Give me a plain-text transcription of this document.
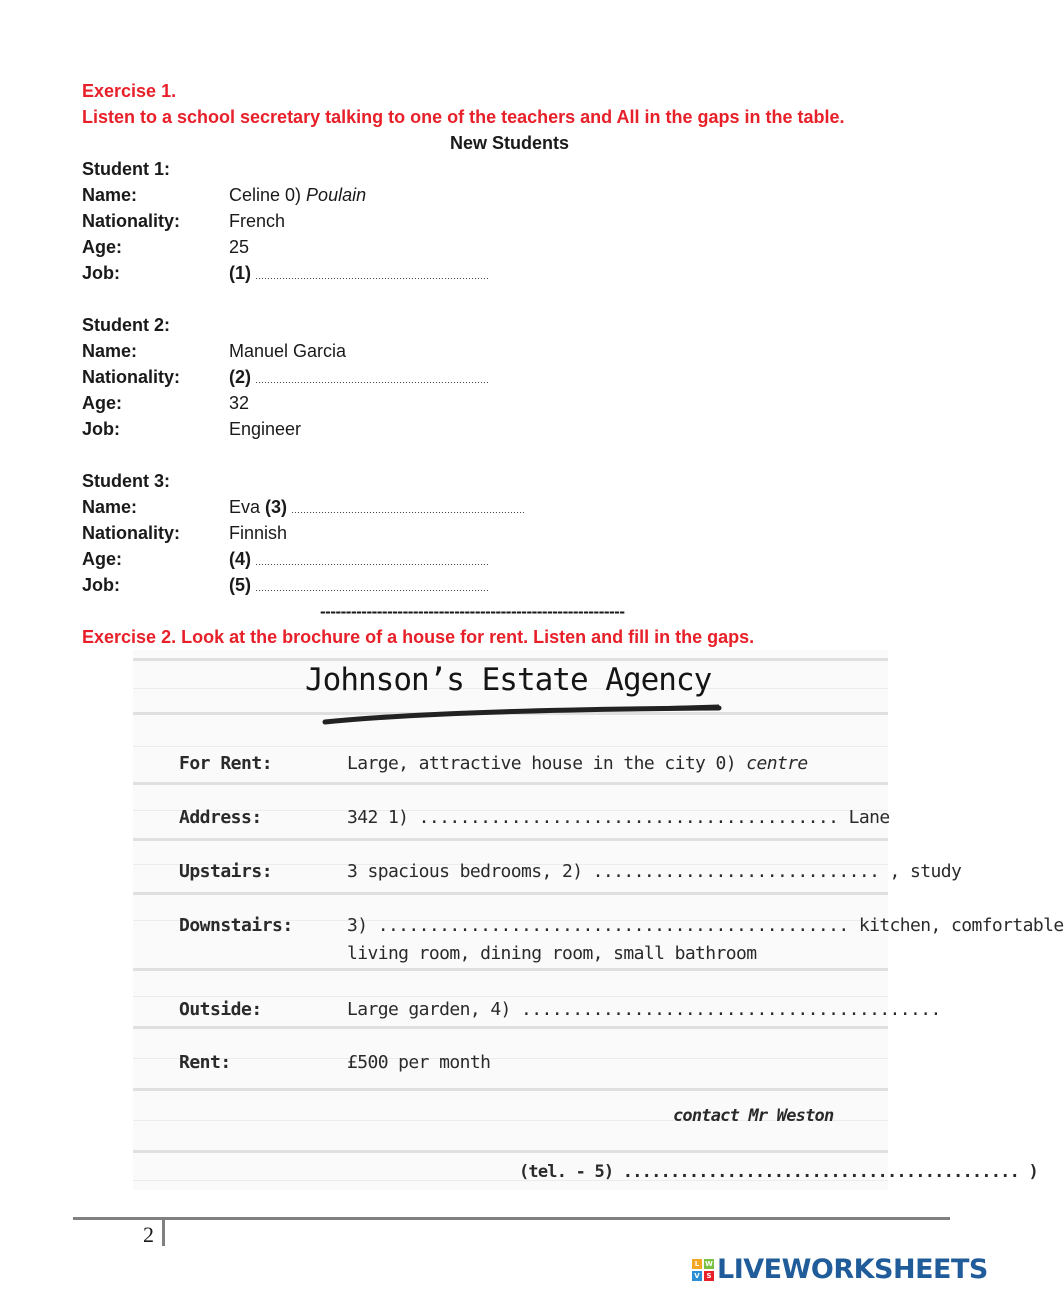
Exercise 1.
Listen to a school secretary talking to one of the teachers and All in the gaps in the table.
New Students
Student 1:
Name:	Celine 0) Poulain
Nationality:	French
Age:	25
Job:	(1) ……………………………………………………………………
Student 2:
Name:	Manuel Garcia
Nationality:	(2) ……………………………………………………………………
Age:	32
Job:	Engineer
Student 3:
Name:	Eva (3) ……………………………………………………………………
Nationality:	Finnish
Age:	(4) ……………………………………………………………………
Job:	(5) ……………………………………………………………………
-----------------------------------------------------------
Exercise 2. Look at the brochure of a house for rent. Listen and fill in the gaps.
Johnson’s Estate Agency
For Rent:	Large, attractive house in the city 0) centre
Address:	342 1) ......................................... Lane
Upstairs:	3 spacious bedrooms, 2) ............................ , study
Downstairs:	3) .............................................. kitchen, comfortable
living room, dining room, small bathroom
Outside:	Large garden, 4) .........................................
Rent:	£500 per month
contact Mr Weston
(tel. - 5) .......................................... )
2
L W
V S LIVEWORKSHEETS
